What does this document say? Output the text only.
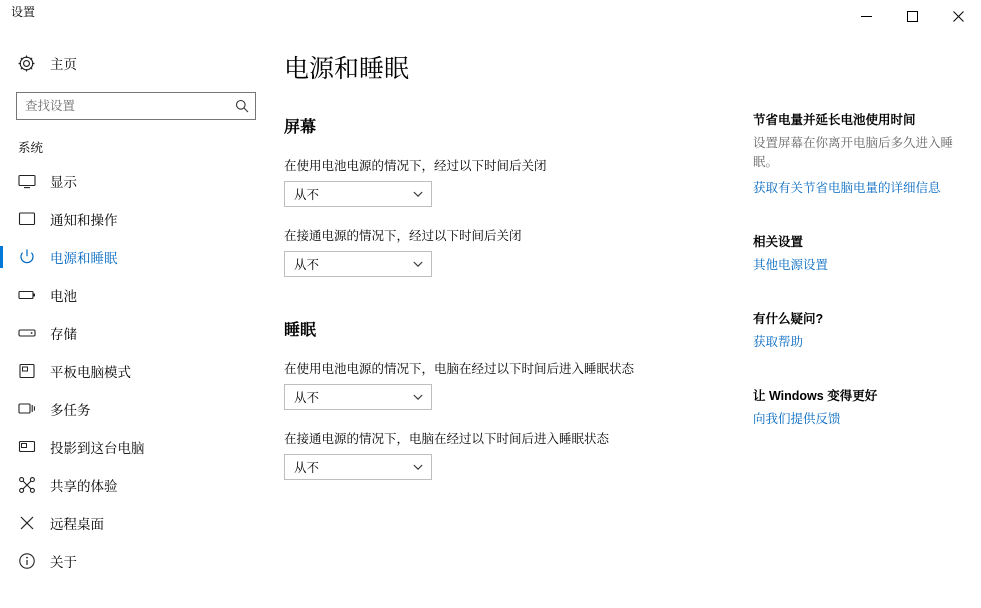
设置
主页
查找设置
系统
显示
通知和操作
电源和睡眠
电池
存储
平板电脑模式
多任务
投影到这台电脑
共享的体验
远程桌面
关于
电源和睡眠
屏幕
在使用电池电源的情况下，经过以下时间后关闭
从不
在接通电源的情况下，经过以下时间后关闭
从不
睡眠
在使用电池电源的情况下，电脑在经过以下时间后进入睡眠状态
从不
在接通电源的情况下，电脑在经过以下时间后进入睡眠状态
从不
节省电量并延长电池使用时间
设置屏幕在你离开电脑后多久进入睡眠。
获取有关节省电脑电量的详细信息
相关设置
其他电源设置
有什么疑问?
获取帮助
让 Windows 变得更好
向我们提供反馈
